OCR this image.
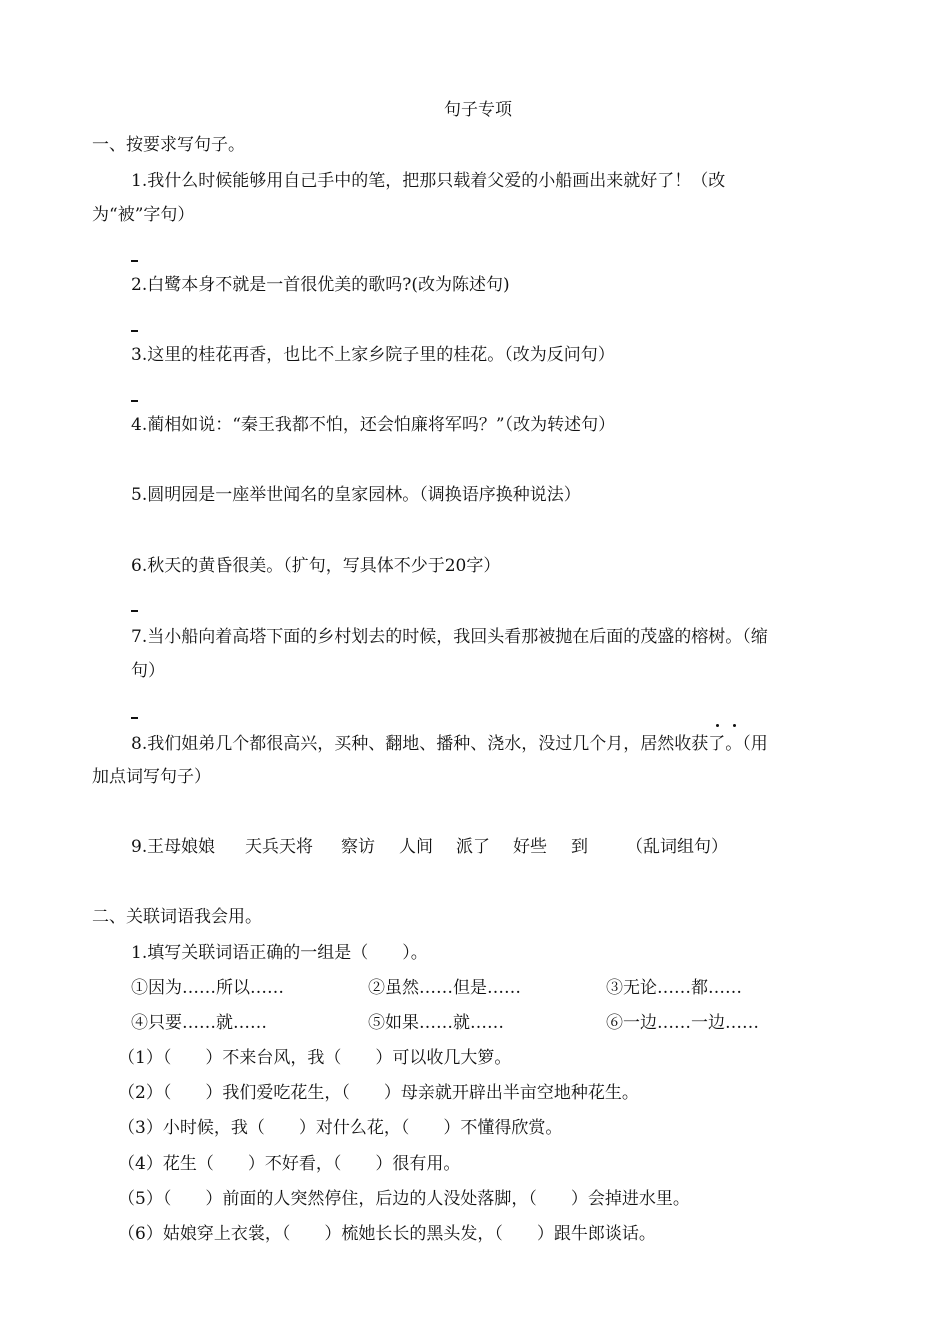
句子专项
一、按要求写句子。
1.我什么时候能够用自己手中的笔，把那只载着父爱的小船画出来就好了！（改
为“被”字句）
2.白鹭本身不就是一首很优美的歌吗?(改为陈述句)
3.这里的桂花再香，也比不上家乡院子里的桂花。（改为反问句）
4.蔺相如说：“秦王我都不怕，还会怕廉将军吗？”（改为转述句）
5.圆明园是一座举世闻名的皇家园林。（调换语序换种说法）
6.秋天的黄昏很美。（扩句，写具体不少于20字）
7.当小船向着高塔下面的乡村划去的时候，我回头看那被抛在后面的茂盛的榕树。（缩
句）
8.我们姐弟几个都很高兴，买种、翻地、播种、浇水，没过几个月，居然收获了。（用
加点词写句子）
9. 王母娘娘 天兵天将 察访 人间 派了 好些 到 （乱词组句）
二、关联词语我会用。
1.填写关联词语正确的一组是（　　）。
①因为……所以……	②虽然……但是……	③无论……都……
④只要……就……	⑤如果……就……	⑥一边……一边……
（1）（　　）不来台风，我（　　）可以收几大箩。
（2）（　　）我们爱吃花生，（　　）母亲就开辟出半亩空地种花生。
（3）小时候，我（　　）对什么花，（　　）不懂得欣赏。
（4）花生（　　）不好看，（　　）很有用。
（5）（　　）前面的人突然停住，后边的人没处落脚，（　　）会掉进水里。
（6）姑娘穿上衣裳，（　　）梳她长长的黑头发，（　　）跟牛郎谈话。
